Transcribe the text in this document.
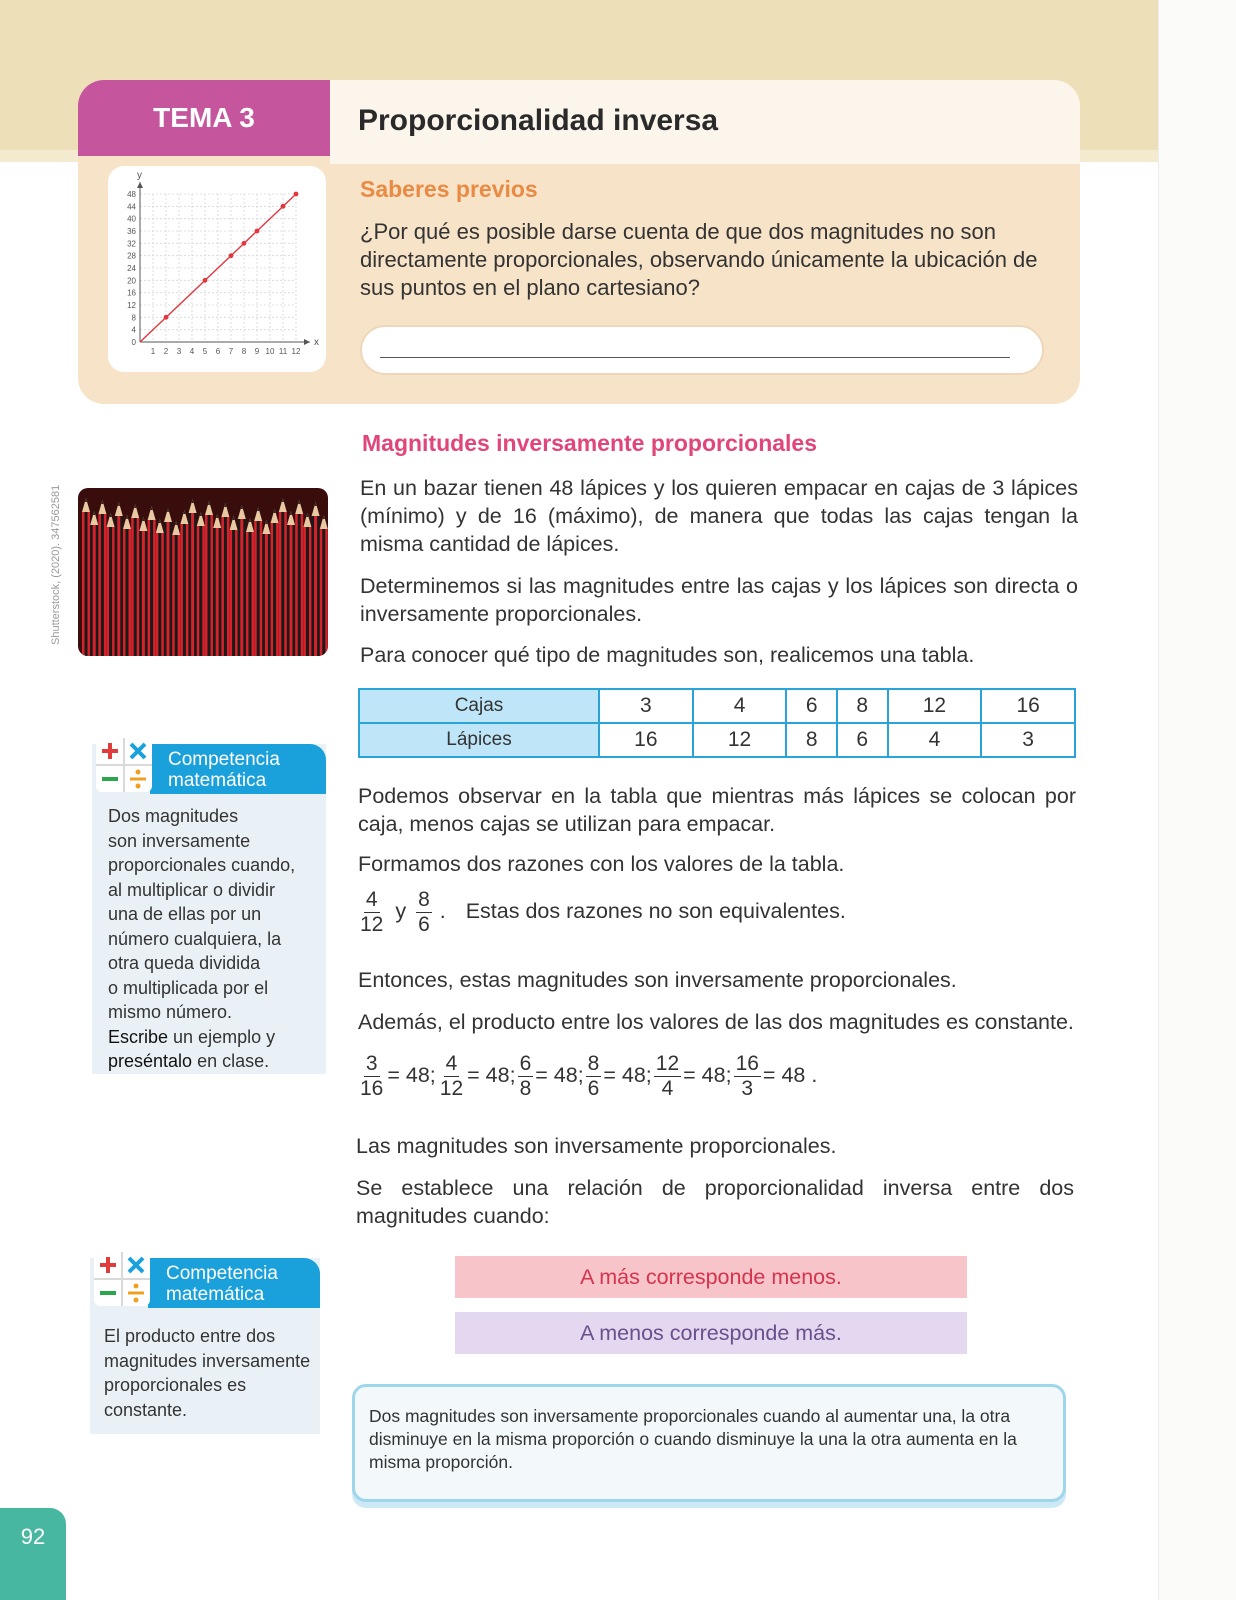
TEMA 3	Proporcionalidad inversa
1 2 3 4 5 6 7 8 9 10 11 12
0
4
8
12
16
20
24
28
32
36
40
44
48
x
y
Saberes previos
¿Por qué es posible darse cuenta de que dos magnitudes no son directamente proporcionales, observando únicamente la ubicación de sus puntos en el plano cartesiano?
Shutterstock, (2020). 347562581
Competencia
matemática
Dos magnitudes
son inversamente
proporcionales cuando,
al multiplicar o dividir
una de ellas por un
número cualquiera, la
otra queda dividida
o multiplicada por el
mismo número.
Escribe un ejemplo y
preséntalo en clase.
Competencia
matemática
El producto entre dos
magnitudes inversamente
proporcionales es
constante.
Magnitudes inversamente proporcionales
En un bazar tienen 48 lápices y los quieren empacar en cajas de 3 lápices (mínimo) y de 16 (máximo), de manera que todas las cajas tengan la misma cantidad de lápices.
Determinemos si las magnitudes entre las cajas y los lápices son directa o inversamente proporcionales.
Para conocer qué tipo de magnitudes son, realicemos una tabla.
Cajas	3	4	6	8	12	16
Lápices	16	12	8	6	4	3
Podemos observar en la tabla que mientras más lápices se colocan por caja, menos cajas se utilizan para empacar.
Formamos dos razones con los valores de la tabla.
$\frac{4}{12}$ y $\frac{8}{6}$ . Estas dos razones no son equivalentes.
Entonces, estas magnitudes son inversamente proporcionales.
Además, el producto entre los valores de las dos magnitudes es constante.
$\frac{3}{16} = 48$; $\frac{4}{12} = 48$; $\frac{6}{8} = 48$; $\frac{8}{6} = 48$; $\frac{12}{4} = 48$; $\frac{16}{3} = 48$ .
Las magnitudes son inversamente proporcionales.
Se establece una relación de proporcionalidad inversa entre dos magnitudes cuando:
A más corresponde menos.
A menos corresponde más.
Dos magnitudes son inversamente proporcionales cuando al aumentar una, la otra disminuye en la misma proporción o cuando disminuye la una la otra aumenta en la misma proporción.
92
